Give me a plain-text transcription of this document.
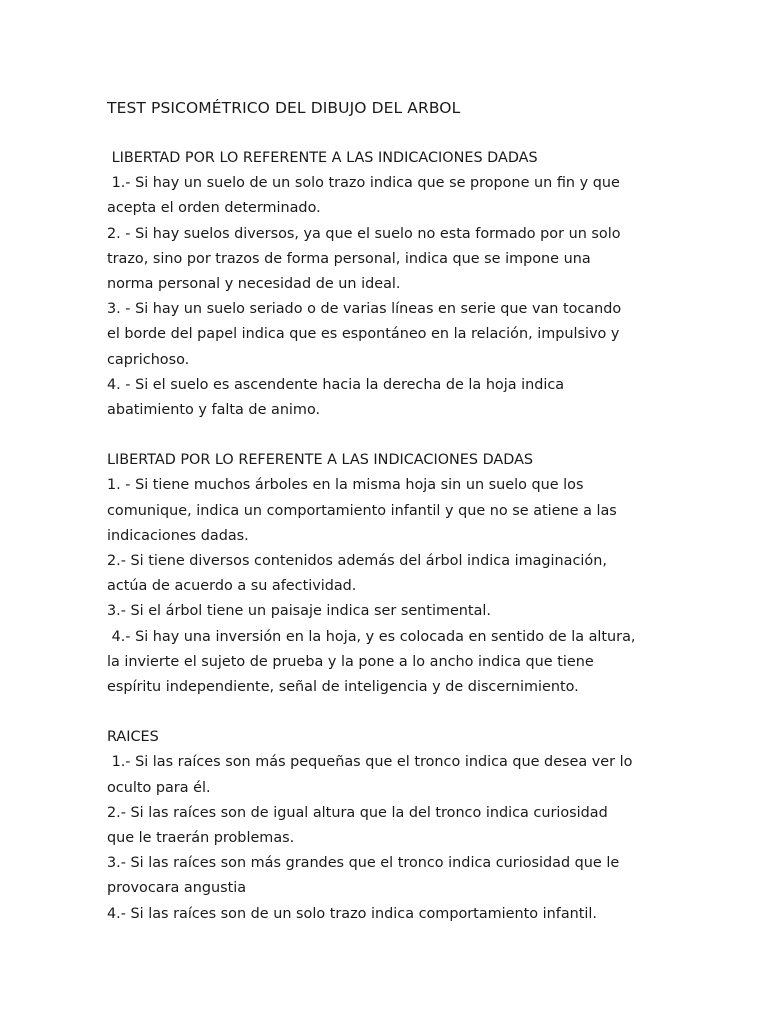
TEST PSICOMÉTRICO DEL DIBUJO DEL ARBOL

LIBERTAD POR LO REFERENTE A LAS INDICACIONES DADAS

1.- Si hay un suelo de un solo trazo indica que se propone un fin y que

acepta el orden determinado.

2. - Si hay suelos diversos, ya que el suelo no esta formado por un solo

trazo, sino por trazos de forma personal, indica que se impone una

norma personal y necesidad de un ideal.

3. - Si hay un suelo seriado o de varias líneas en serie que van tocando

el borde del papel indica que es espontáneo en la relación, impulsivo y

caprichoso.

4. - Si el suelo es ascendente hacia la derecha de la hoja indica

abatimiento y falta de animo.

LIBERTAD POR LO REFERENTE A LAS INDICACIONES DADAS

1. - Si tiene muchos árboles en la misma hoja sin un suelo que los

comunique, indica un comportamiento infantil y que no se atiene a las

indicaciones dadas.

2.- Si tiene diversos contenidos además del árbol indica imaginación,

actúa de acuerdo a su afectividad.

3.- Si el árbol tiene un paisaje indica ser sentimental.

4.- Si hay una inversión en la hoja, y es colocada en sentido de la altura,

la invierte el sujeto de prueba y la pone a lo ancho indica que tiene

espíritu independiente, señal de inteligencia y de discernimiento.

RAICES

1.- Si las raíces son más pequeñas que el tronco indica que desea ver lo

oculto para él.

2.- Si las raíces son de igual altura que la del tronco indica curiosidad

que le traerán problemas.

3.- Si las raíces son más grandes que el tronco indica curiosidad que le

provocara angustia

4.- Si las raíces son de un solo trazo indica comportamiento infantil.
